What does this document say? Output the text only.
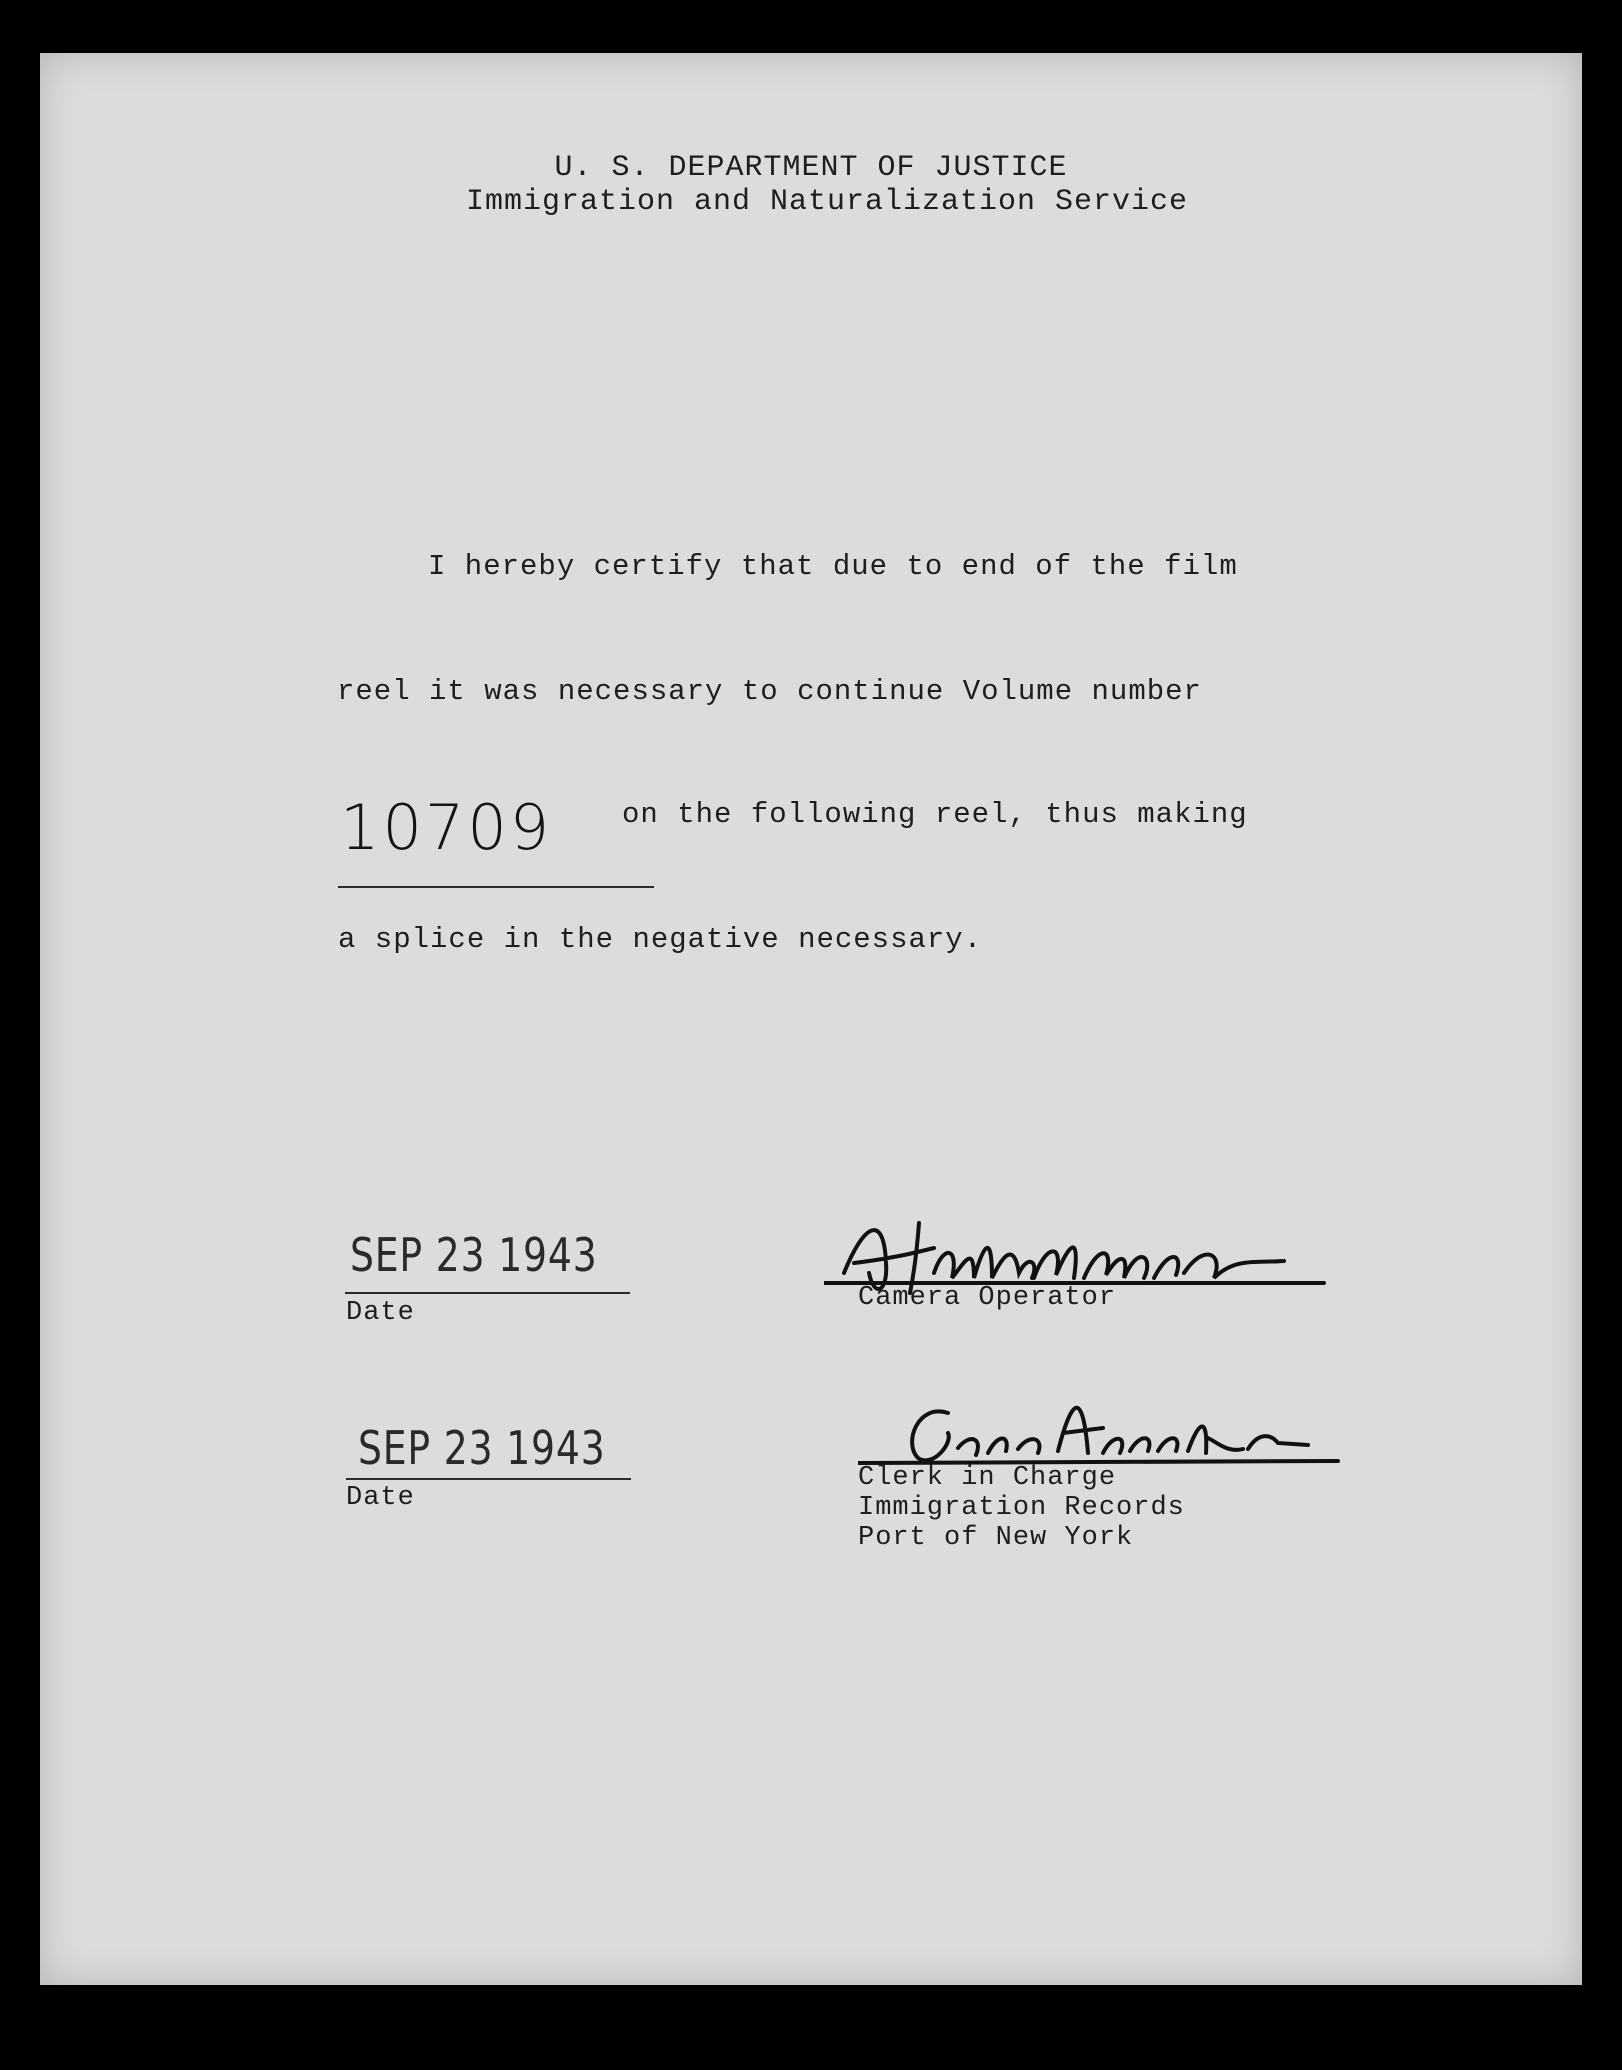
U. S. DEPARTMENT OF JUSTICE
Immigration and Naturalization Service
I hereby certify that due to end of the film
reel it was necessary to continue Volume number
10709 on the following reel, thus making
a splice in the negative necessary.
SEP 23 1943
Date	Camera Operator
SEP 23 1943
Date
Clerk in Charge
Immigration Records
Port of New York
